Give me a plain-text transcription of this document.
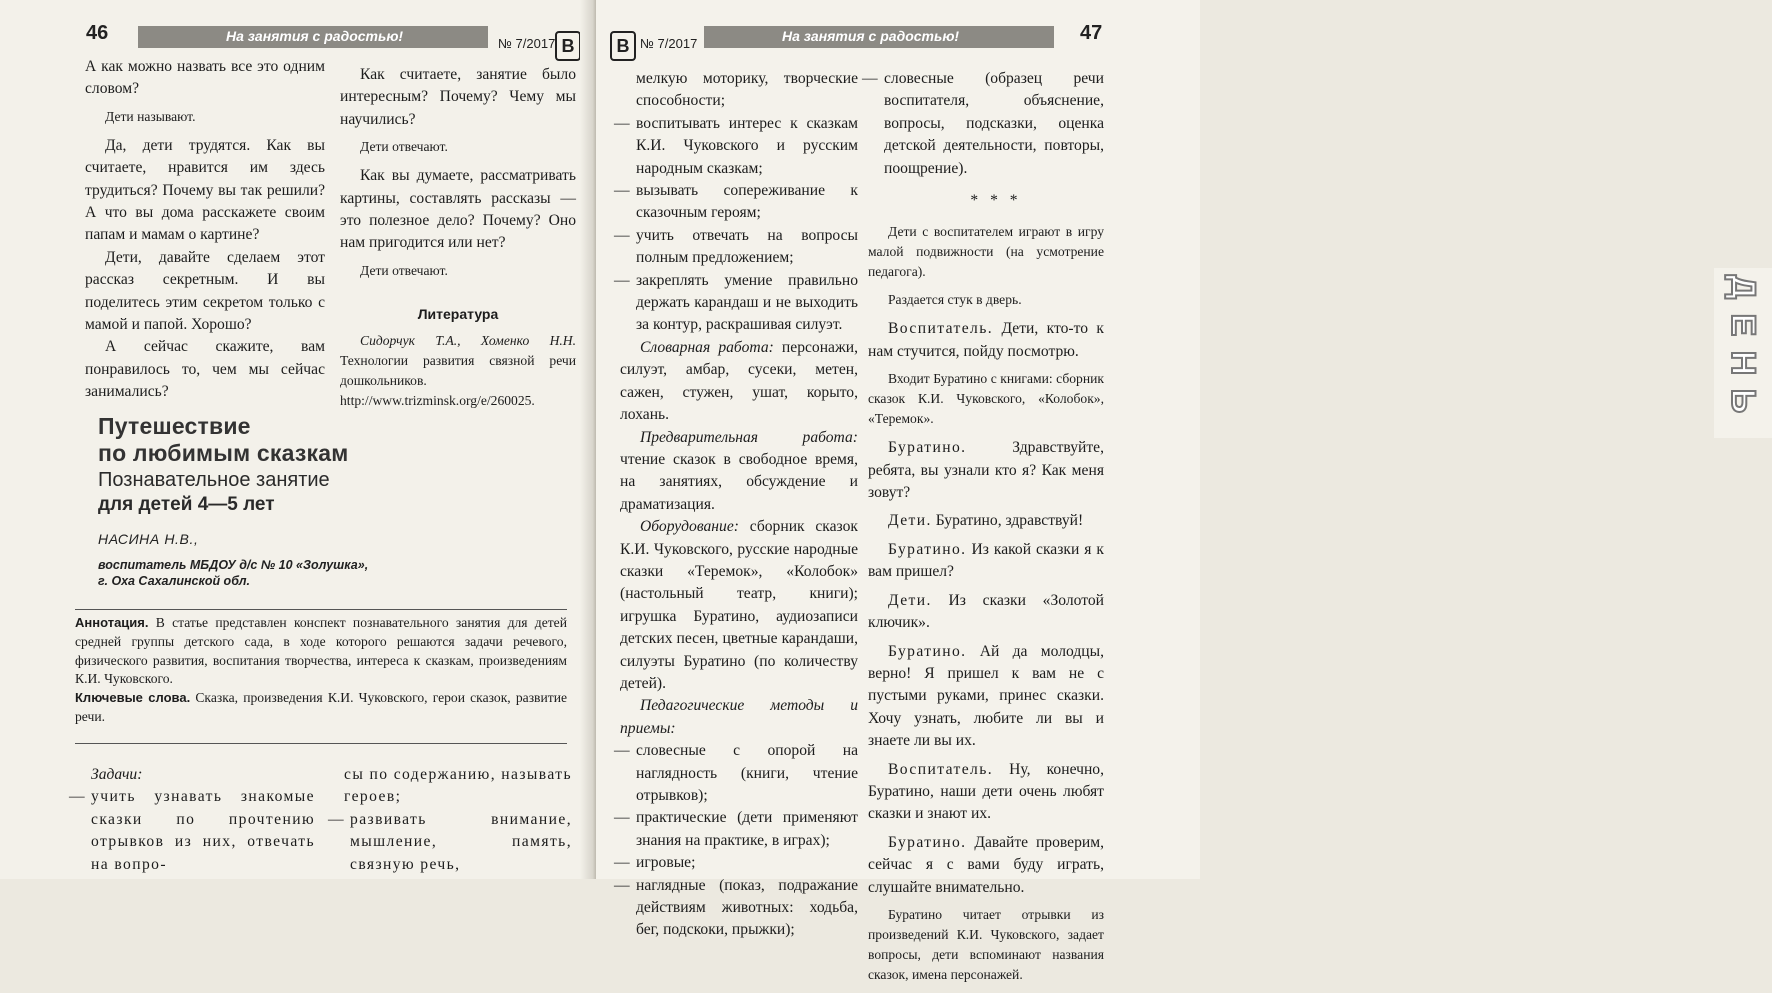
46	На занятия с радостью!	№ 7/2017 В

А как можно назвать все это одним словом?

Дети называют.

Да, дети трудятся. Как вы считаете, нравится им здесь трудиться? Почему вы так решили? А что вы дома расскажете своим папам и мамам о картине?

Дети, давайте сделаем этот рассказ секретным. И вы поделитесь этим секретом только с мамой и папой. Хорошо?

А сейчас скажите, вам понравилось то, чем мы сейчас занимались?

Как считаете, занятие было интересным? Почему? Чему мы научились?

Дети отвечают.

Как вы думаете, рассматривать картины, составлять рассказы — это полезное дело? Почему? Оно нам пригодится или нет?

Дети отвечают.

Литература

Сидорчук Т.А., Хоменко Н.Н. Технологии развития связной речи дошкольников. http://www.trizminsk.org/e/260025.

Путешествие
по любимым сказкам
Познавательное занятие
для детей 4—5 лет
НАСИНА Н.В.,
воспитатель МБДОУ д/с № 10 «Золушка»,
г. Оха Сахалинской обл.
Аннотация. В статье представлен конспект познавательного занятия для детей средней группы детского сада, в ходе которого решаются задачи речевого, физического развития, воспитания творчества, интереса к сказкам, произведениям К.И. Чуковского.
Ключевые слова. Сказка, произведения К.И. Чуковского, герои сказок, развитие речи.

Задачи:

— учить узнавать знакомые сказки по прочтению отрывков из них, отвечать на вопро-

сы по содержанию, называть героев;

— развивать внимание, мышление, память, связную речь,
В № 7/2017	На занятия с радостью!	47

мелкую моторику, творческие способности;

— воспитывать интерес к сказкам К.И. Чуковского и русским народным сказкам;
— вызывать сопереживание к сказочным героям;
— учить отвечать на вопросы полным предложением;
— закреплять умение правильно держать карандаш и не выходить за контур, раскрашивая силуэт.

Словарная работа: персонажи, силуэт, амбар, сусеки, метен, сажен, стужен, ушат, корыто, лохань.

Предварительная работа: чтение сказок в свободное время, на занятиях, обсуждение и драматизация.

Оборудование: сборник сказок К.И. Чуковского, русские народные сказки «Теремок», «Колобок» (настольный театр, книги); игрушка Буратино, аудиозаписи детских песен, цветные карандаши, силуэты Буратино (по количеству детей).

Педагогические методы и приемы:

— словесные с опорой на наглядность (книги, чтение отрывков);
— практические (дети применяют знания на практике, в играх);
— игровые;
— наглядные (показ, подражание действиям животных: ходьба, бег, подскоки, прыжки);
— словесные (образец речи воспитателя, объяснение, вопросы, подсказки, оценка детской деятельности, повторы, поощрение).

* * *

Дети с воспитателем играют в игру малой подвижности (на усмотрение педагога).

Раздается стук в дверь.

Воспитатель. Дети, кто-то к нам стучится, пойду посмотрю.

Входит Буратино с книгами: сборник сказок К.И. Чуковского, «Колобок», «Теремок».

Буратино. Здравствуйте, ребята, вы узнали кто я? Как меня зовут?

Дети. Буратино, здравствуй!

Буратино. Из какой сказки я к вам пришел?

Дети. Из сказки «Золотой ключик».

Буратино. Ай да молодцы, верно! Я пришел к вам не с пустыми руками, принес сказки. Хочу узнать, любите ли вы и знаете ли вы их.

Воспитатель. Ну, конечно, Буратино, наши дети очень любят сказки и знают их.

Буратино. Давайте проверим, сейчас я с вами буду играть, слушайте внимательно.

Буратино читает отрывки из произведений К.И. Чуковского, задает вопросы, дети вспоминают названия сказок, имена персонажей.

Д
Е
Н
Ь
